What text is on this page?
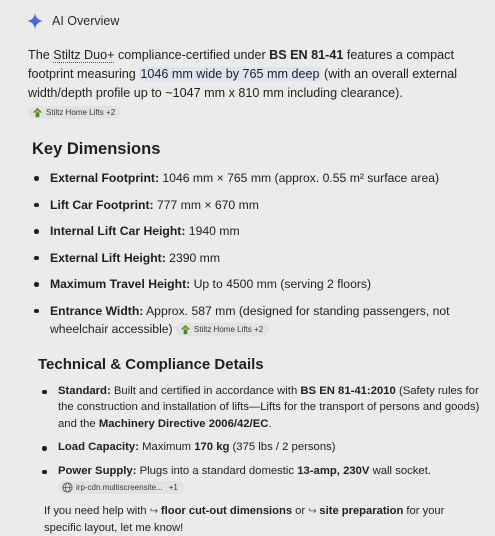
AI Overview

The Stiltz Duo+ compliance-certified under BS EN 81-41 features a compact footprint measuring 1046 mm wide by 765 mm deep (with an overall external width/depth profile up to ~1047 mm x 810 mm including clearance).
Stiltz Home Lifts +2

Key Dimensions
External Footprint: 1046 mm × 765 mm (approx. 0.55 m² surface area)
Lift Car Footprint: 777 mm × 670 mm
Internal Lift Car Height: 1940 mm
External Lift Height: 2390 mm
Maximum Travel Height: Up to 4500 mm (serving 2 floors)
Entrance Width: Approx. 587 mm (designed for standing passengers, not wheelchair accessible)	Stiltz Home Lifts +2
Technical & Compliance Details
Standard: Built and certified in accordance with BS EN 81-41:2010 (Safety rules for the construction and installation of lifts—Lifts for the transport of persons and goods) and the Machinery Directive 2006/42/EC.
Load Capacity: Maximum 170 kg (375 lbs / 2 persons)
Power Supply: Plugs into a standard domestic 13-amp, 230V wall socket.
irp-cdn.multiscreensite... +1

If you need help with ↪ floor cut-out dimensions or ↪ site preparation for your specific layout, let me know!
